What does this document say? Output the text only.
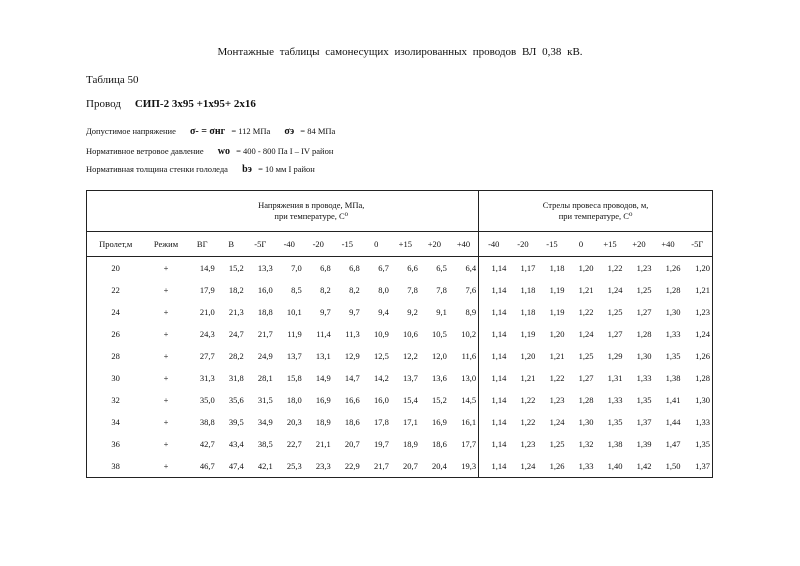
Монтажные таблицы самонесущих изолированных проводов ВЛ 0,38 кВ.
Таблица 50
Провод СИП-2 3х95 +1х95+ 2х16
Допустимое напряжение σ- = σнг = 112 МПа σэ = 84 МПа
Нормативное ветровое давление wо = 400 - 800 Па I – IV район
Нормативная толщина стенки гололеда bэ = 10 мм I район
	Напряжения в проводе, МПа,
при температуре, С⁰											Стрелы провеса проводов, м,
при температуре, С⁰							
Пролет,м	Режим	ВГ	В	-5Г	-40	-20	-15	0	+15	+20	+40	-40	-20	-15	0	+15	+20	+40	-5Г
20	+	14,9	15,2	13,3	7,0	6,8	6,8	6,7	6,6	6,5	6,4	1,14	1,17	1,18	1,20	1,22	1,23	1,26	1,20
22	+	17,9	18,2	16,0	8,5	8,2	8,2	8,0	7,8	7,8	7,6	1,14	1,18	1,19	1,21	1,24	1,25	1,28	1,21
24	+	21,0	21,3	18,8	10,1	9,7	9,7	9,4	9,2	9,1	8,9	1,14	1,18	1,19	1,22	1,25	1,27	1,30	1,23
26	+	24,3	24,7	21,7	11,9	11,4	11,3	10,9	10,6	10,5	10,2	1,14	1,19	1,20	1,24	1,27	1,28	1,33	1,24
28	+	27,7	28,2	24,9	13,7	13,1	12,9	12,5	12,2	12,0	11,6	1,14	1,20	1,21	1,25	1,29	1,30	1,35	1,26
30	+	31,3	31,8	28,1	15,8	14,9	14,7	14,2	13,7	13,6	13,0	1,14	1,21	1,22	1,27	1,31	1,33	1,38	1,28
32	+	35,0	35,6	31,5	18,0	16,9	16,6	16,0	15,4	15,2	14,5	1,14	1,22	1,23	1,28	1,33	1,35	1,41	1,30
34	+	38,8	39,5	34,9	20,3	18,9	18,6	17,8	17,1	16,9	16,1	1,14	1,22	1,24	1,30	1,35	1,37	1,44	1,33
36	+	42,7	43,4	38,5	22,7	21,1	20,7	19,7	18,9	18,6	17,7	1,14	1,23	1,25	1,32	1,38	1,39	1,47	1,35
38	+	46,7	47,4	42,1	25,3	23,3	22,9	21,7	20,7	20,4	19,3	1,14	1,24	1,26	1,33	1,40	1,42	1,50	1,37
